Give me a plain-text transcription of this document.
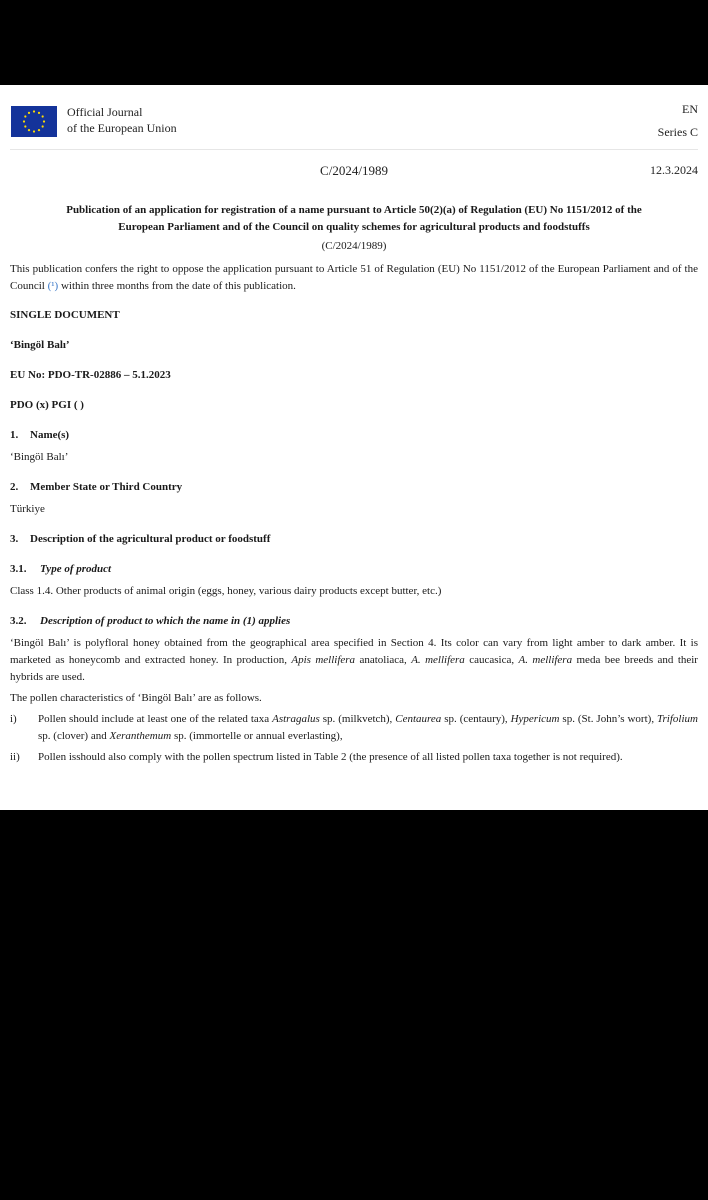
Official Journal
of the European Union
EN
Series C
C/2024/1989	12.3.2024

Publication of an application for registration of a name pursuant to Article 50(2)(a) of Regulation (EU) No 1151/2012 of the
European Parliament and of the Council on quality schemes for agricultural products and foodstuffs

(C/2024/1989)

This publication confers the right to oppose the application pursuant to Article 51 of Regulation (EU) No 1151/2012 of the European Parliament and of the Council (¹) within three months from the date of this publication.

SINGLE DOCUMENT

‘Bingöl Balı’

EU No: PDO-TR-02886 – 5.1.2023

PDO (x) PGI ( )

1. Name(s)

‘Bingöl Balı’

2. Member State or Third Country

Türkiye

3. Description of the agricultural product or foodstuff

3.1. Type of product

Class 1.4. Other products of animal origin (eggs, honey, various dairy products except butter, etc.)

3.2. Description of product to which the name in (1) applies

‘Bingöl Balı’ is polyfloral honey obtained from the geographical area specified in Section 4. Its color can vary from light amber to dark amber. It is marketed as honeycomb and extracted honey. In production, Apis mellifera anatoliaca, A. mellifera caucasica, A. mellifera meda bee breeds and their hybrids are used.

The pollen characteristics of ‘Bingöl Balı’ are as follows.

i)	Pollen should include at least one of the related taxa Astragalus sp. (milkvetch), Centaurea sp. (centaury), Hypericum sp. (St. John’s wort), Trifolium sp. (clover) and Xeranthemum sp. (immortelle or annual everlasting),
ii)	Pollen isshould also comply with the pollen spectrum listed in Table 2 (the presence of all listed pollen taxa together is not required).
